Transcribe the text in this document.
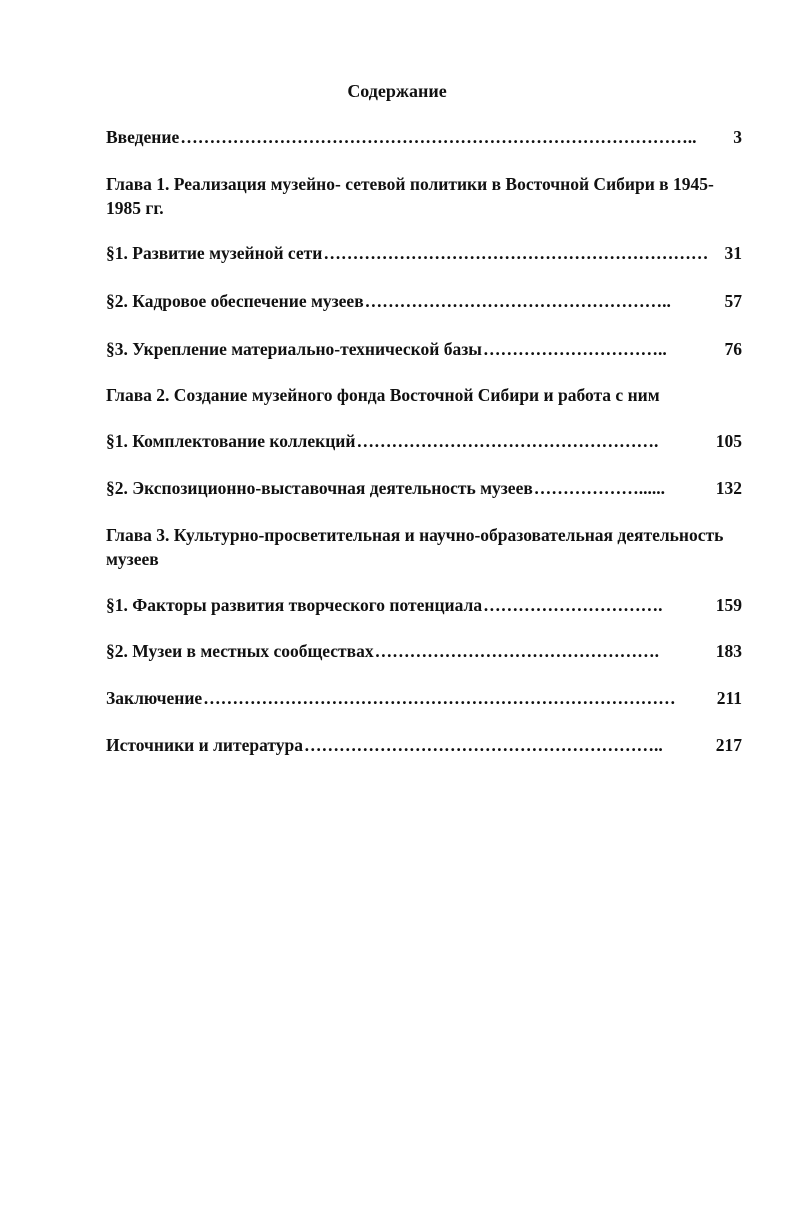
Содержание
Введение ……………………………………………………………………………..	3
Глава 1. Реализация музейно- сетевой политики в Восточной Сибири в 1945-1985 гг.
§1. Развитие музейной сети ………………………………………………………… 31
§2. Кадровое обеспечение музеев ……………………………………………..	57
§3. Укрепление материально-технической базы …………………………..	76
Глава 2. Создание музейного фонда Восточной Сибири и работа с ним
§1. Комплектование коллекций …………………………………………….	105
§2. Экспозиционно-выставочная деятельность музеев ………………......	132
Глава 3. Культурно-просветительная и научно-образовательная деятельность музеев
§1. Факторы развития творческого потенциала ………………………….	159
§2. Музеи в местных сообществах ………………………………………….	183
Заключение ………………………………………………………………………	211
Источники и литература ……………………………………………………..	217
